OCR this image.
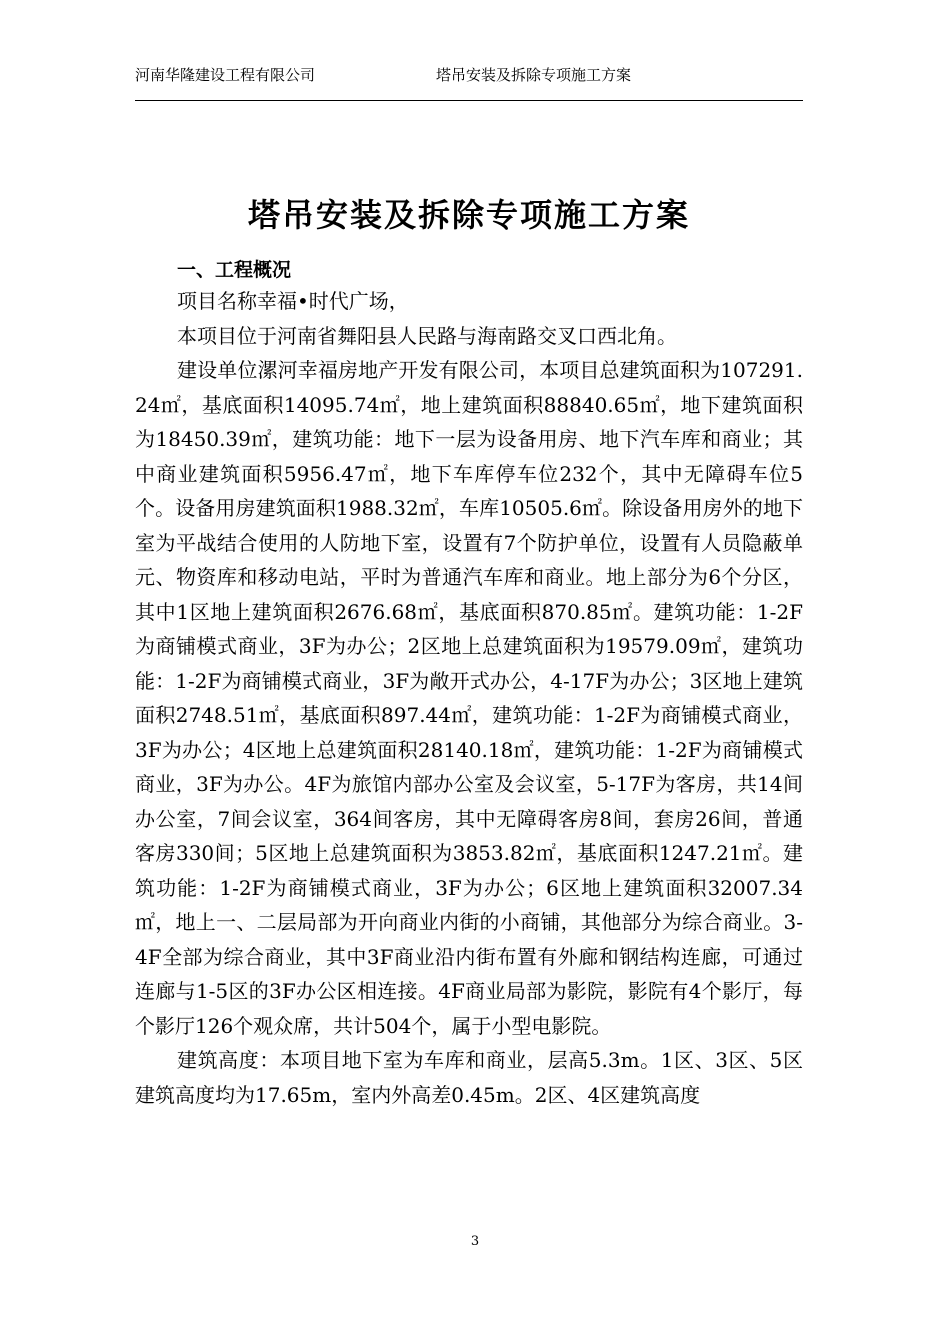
河南华隆建设工程有限公司	塔吊安装及拆除专项施工方案
塔吊安装及拆除专项施工方案
一、工程概况

项目名称幸福•时代广场，

本项目位于河南省舞阳县人民路与海南路交叉口西北角。

建设单位漯河幸福房地产开发有限公司，本项目总建筑面积为107291.24㎡，基底面积14095.74㎡，地上建筑面积88840.65㎡，地下建筑面积为18450.39㎡，建筑功能：地下一层为设备用房、地下汽车库和商业；其中商业建筑面积5956.47㎡，地下车库停车位232个，其中无障碍车位5个。设备用房建筑面积1988.32㎡，车库10505.6㎡。除设备用房外的地下室为平战结合使用的人防地下室，设置有7个防护单位，设置有人员隐蔽单元、物资库和移动电站，平时为普通汽车库和商业。地上部分为6个分区，其中1区地上建筑面积2676.68㎡，基底面积870.85㎡。建筑功能：1-2F为商铺模式商业，3F为办公；2区地上总建筑面积为19579.09㎡，建筑功能：1-2F为商铺模式商业，3F为敞开式办公，4-17F为办公；3区地上建筑面积2748.51㎡，基底面积897.44㎡，建筑功能：1-2F为商铺模式商业，3F为办公；4区地上总建筑面积28140.18㎡，建筑功能：1-2F为商铺模式商业，3F为办公。4F为旅馆内部办公室及会议室，5-17F为客房，共14间办公室，7间会议室，364间客房，其中无障碍客房8间，套房26间，普通客房330间；5区地上总建筑面积为3853.82㎡，基底面积1247.21㎡。建筑功能：1-2F为商铺模式商业，3F为办公；6区地上建筑面积32007.34㎡，地上一、二层局部为开向商业内街的小商铺，其他部分为综合商业。3-4F全部为综合商业，其中3F商业沿内街布置有外廊和钢结构连廊，可通过连廊与1-5区的3F办公区相连接。4F商业局部为影院，影院有4个影厅，每个影厅126个观众席，共计504个，属于小型电影院。

建筑高度：本项目地下室为车库和商业，层高5.3m。1区、3区、5区建筑高度均为17.65m，室内外高差0.45m。2区、4区建筑高度

3
